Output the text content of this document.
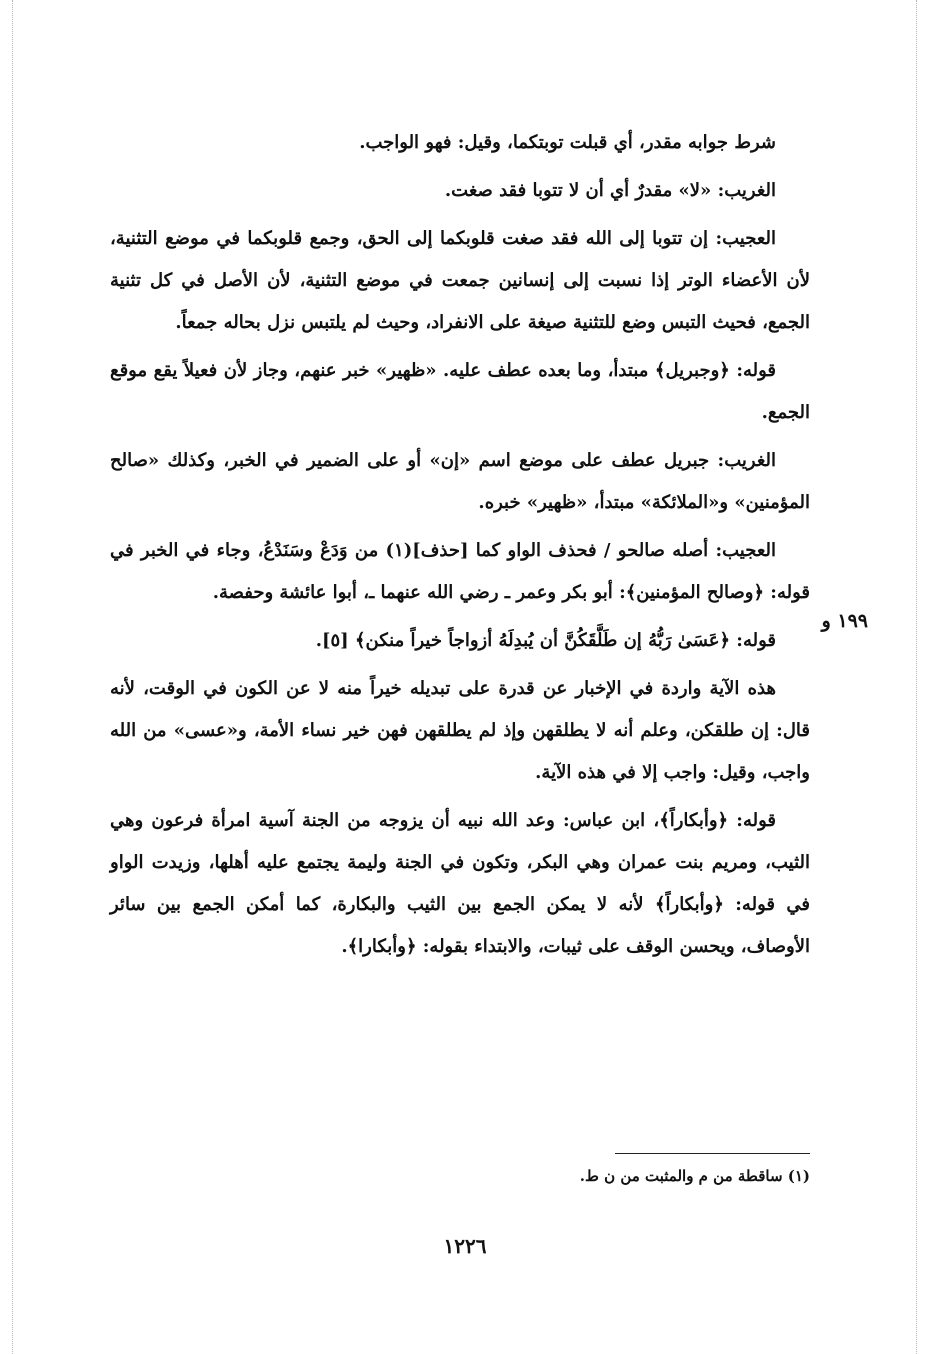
١٩٩ و

شرط جوابه مقدر، أي قبلت توبتكما، وقيل: فهو الواجب.

الغريب: «لا» مقدرٌ أي أن لا تتوبا فقد صغت.

العجيب: إن تتوبا إلى الله فقد صغت قلوبكما إلى الحق، وجمع قلوبكما في موضع التثنية، لأن الأعضاء الوتر إذا نسبت إلى إنسانين جمعت في موضع التثنية، لأن الأصل في كل تثنية الجمع، فحيث التبس وضع للتثنية صيغة على الانفراد، وحيث لم يلتبس نزل بحاله جمعاً.

قوله: ﴿وجبريل﴾ مبتدأ، وما بعده عطف عليه. «ظهير» خبر عنهم، وجاز لأن فعيلاً يقع موقع الجمع.

الغريب: جبريل عطف على موضع اسم «إن» أو على الضمير في الخبر، وكذلك «صالح المؤمنين» و«الملائكة» مبتدأ، «ظهير» خبره.

العجيب: أصله صالحو / فحذف الواو كما [حذف](١) من وَدَعْ وسَنَدْعُ، وجاء في الخبر في قوله: ﴿وصالح المؤمنين﴾: أبو بكر وعمر ـ رضي الله عنهما ـ، أبوا عائشة وحفصة.

قوله: ﴿عَسَىٰ رَبُّهُ إن طَلَّقَكُنَّ أن يُبدِلَهُ أزواجاً خيراً منكن﴾ [٥].

هذه الآية واردة في الإخبار عن قدرة على تبديله خيراً منه لا عن الكون في الوقت، لأنه قال: إن طلقكن، وعلم أنه لا يطلقهن وإذ لم يطلقهن فهن خير نساء الأمة، و«عسى» من الله واجب، وقيل: واجب إلا في هذه الآية.

قوله: ﴿وأبكاراً﴾، ابن عباس: وعد الله نبيه أن يزوجه من الجنة آسية امرأة فرعون وهي الثيب، ومريم بنت عمران وهي البكر، وتكون في الجنة وليمة يجتمع عليه أهلها، وزيدت الواو في قوله: ﴿وأبكاراً﴾ لأنه لا يمكن الجمع بين الثيب والبكارة، كما أمكن الجمع بين سائر الأوصاف، ويحسن الوقف على ثيبات، والابتداء بقوله: ﴿وأبكارا﴾.

(١) ساقطة من م والمثبت من ن ط.
١٢٢٦
